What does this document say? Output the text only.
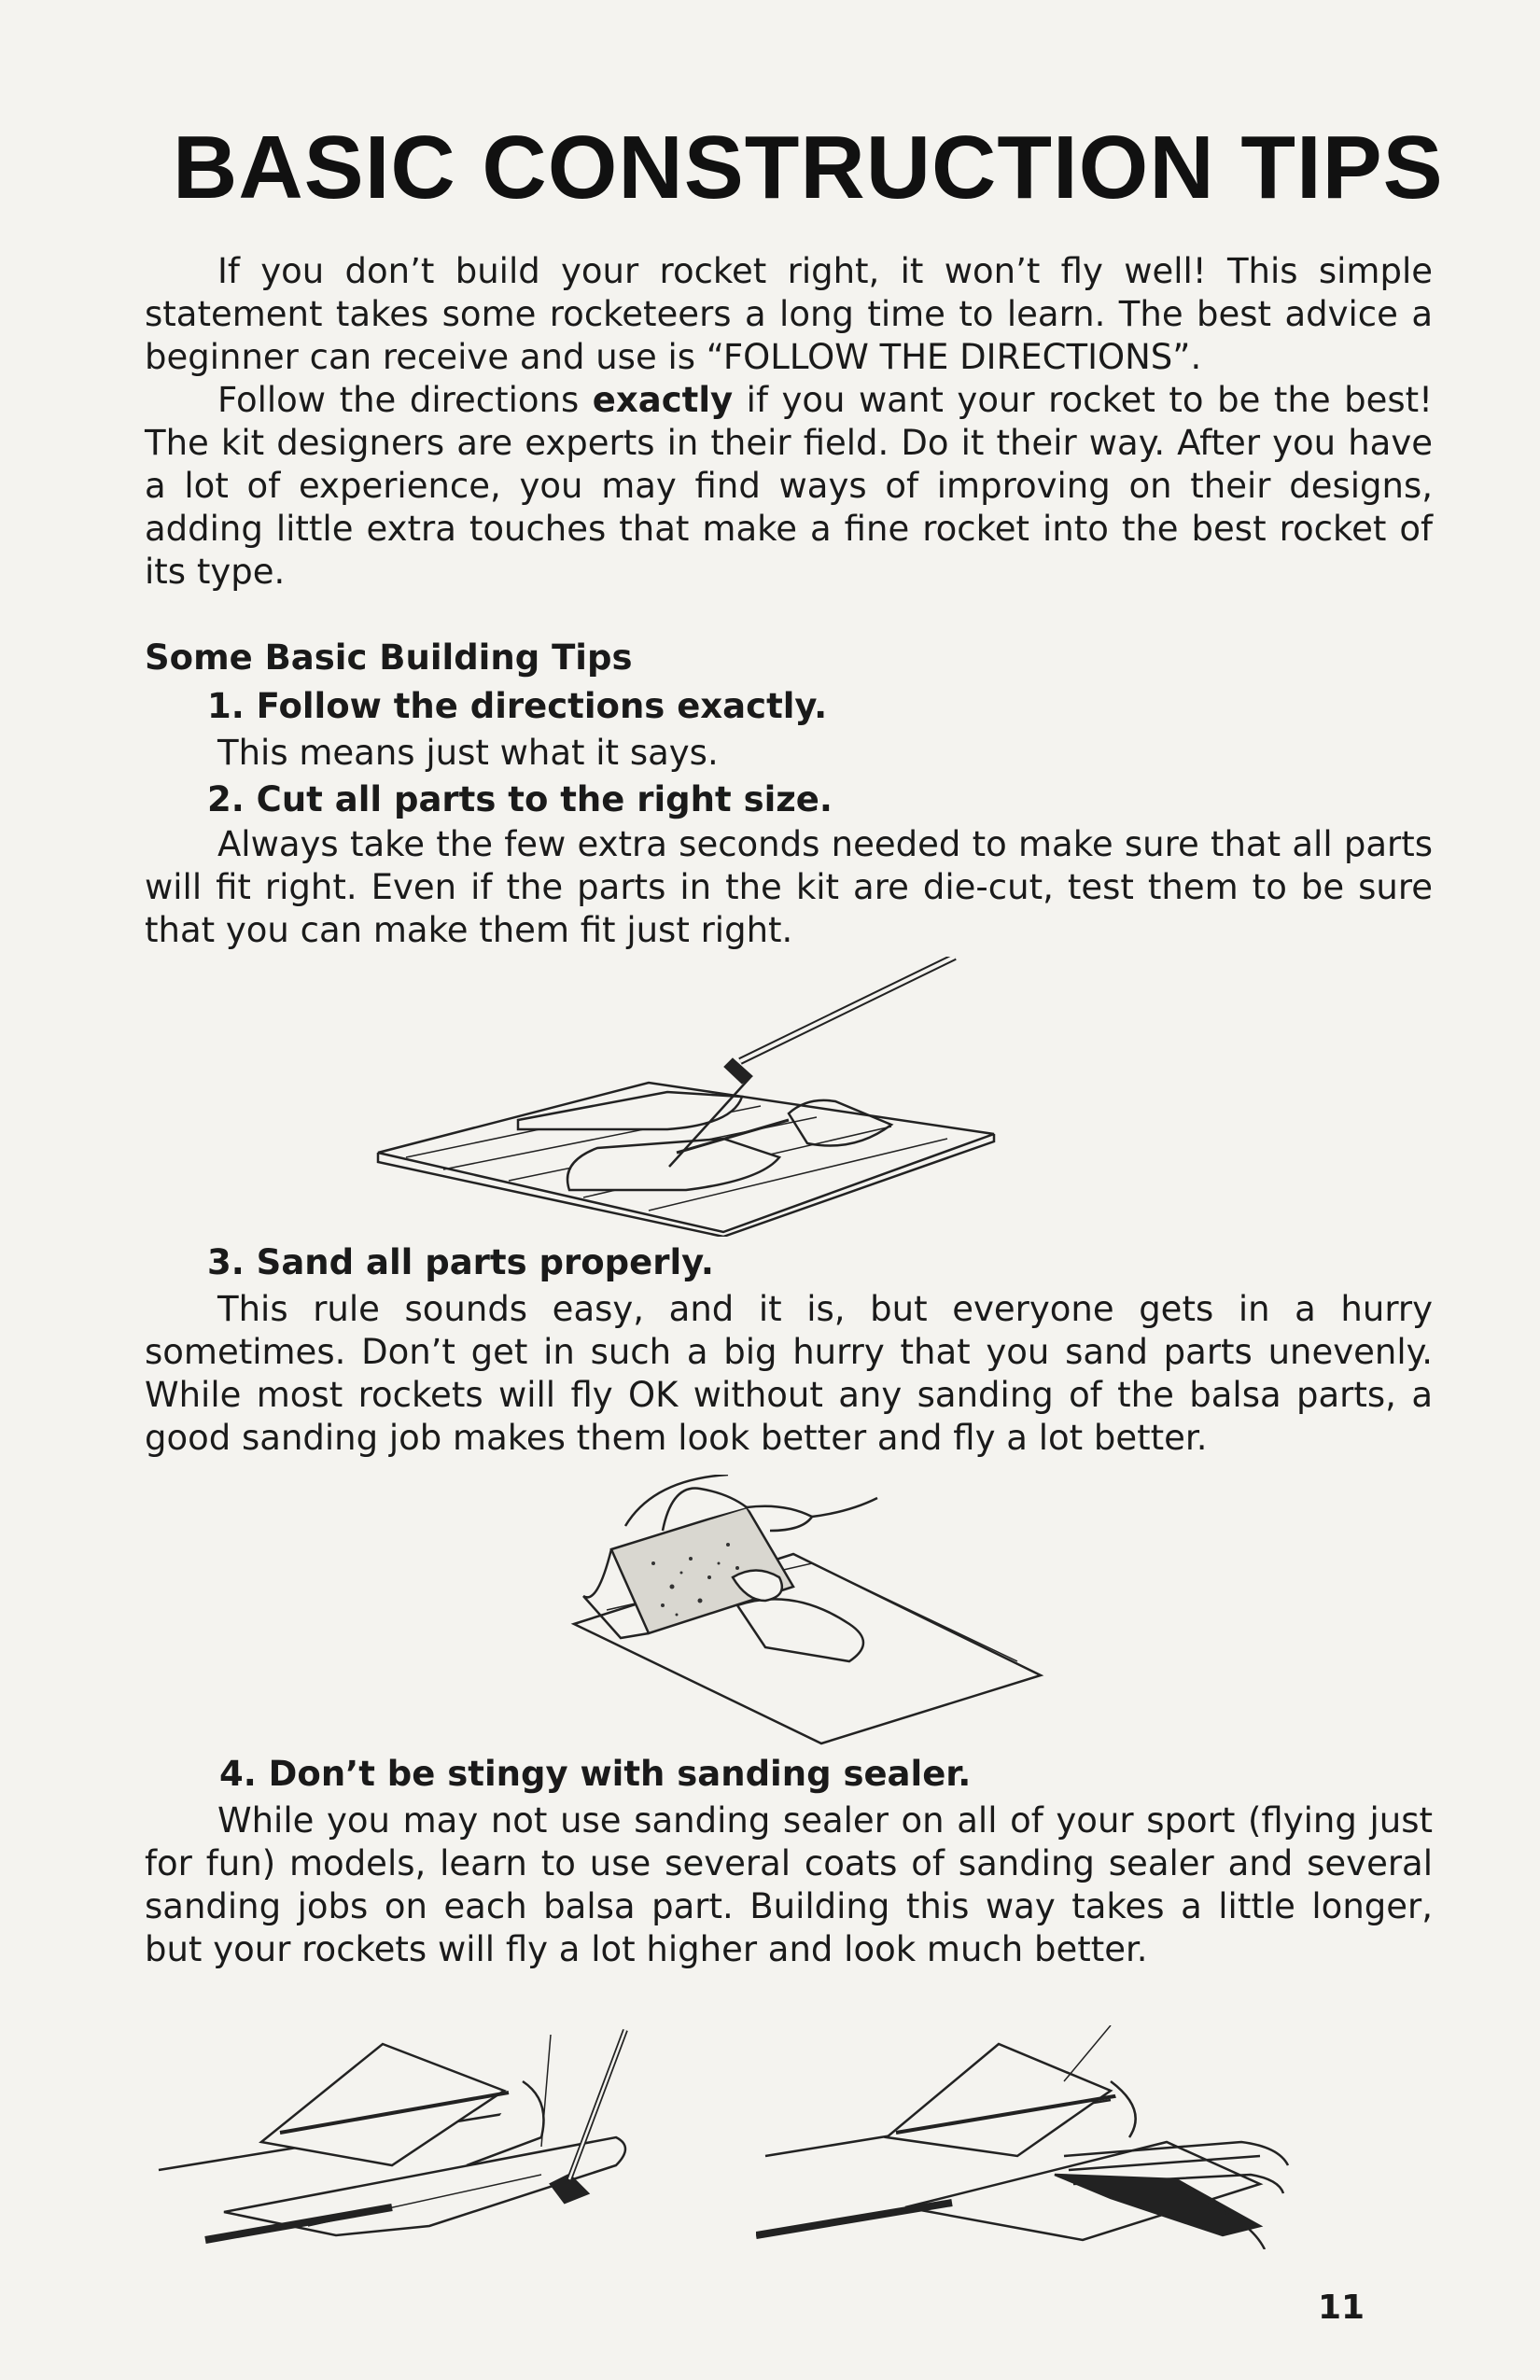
BASIC CONSTRUCTION TIPS

If you don’t build your rocket right, it won’t fly well! This simple statement takes some rocketeers a long time to learn. The best advice a beginner can receive and use is “FOLLOW THE DIRECTIONS”.

Follow the directions exactly if you want your rocket to be the best! The kit designers are experts in their field. Do it their way. After you have a lot of experience, you may find ways of improving on their designs, adding little extra touches that make a fine rocket into the best rocket of its type.

Some Basic Building Tips
1. Follow the directions exactly.

This means just what it says.

2. Cut all parts to the right size.

Always take the few extra seconds needed to make sure that all parts will fit right. Even if the parts in the kit are die-cut, test them to be sure that you can make them fit just right.

3. Sand all parts properly.

This rule sounds easy, and it is, but everyone gets in a hurry sometimes. Don’t get in such a big hurry that you sand parts unevenly. While most rockets will fly OK without any sanding of the balsa parts, a good sanding job makes them look better and fly a lot better.

4. Don’t be stingy with sanding sealer.

While you may not use sanding sealer on all of your sport (flying just for fun) models, learn to use several coats of sanding sealer and several sanding jobs on each balsa part. Building this way takes a little longer, but your rockets will fly a lot higher and look much better.

11
